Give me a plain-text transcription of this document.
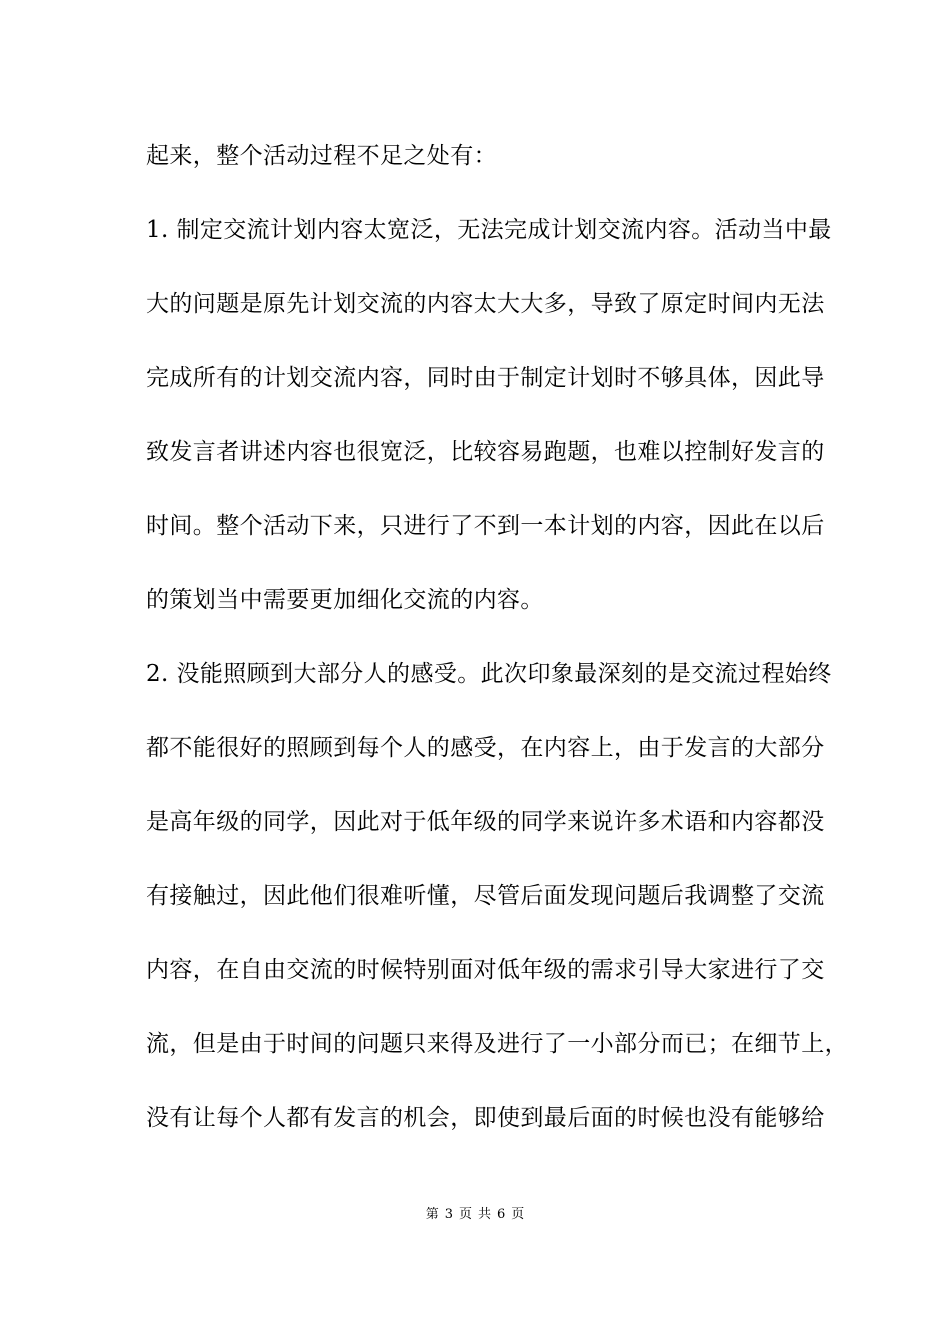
起来，整个活动过程不足之处有：
1. 制定交流计划内容太宽泛，无法完成计划交流内容。活动当中最
大的问题是原先计划交流的内容太大大多，导致了原定时间内无法
完成所有的计划交流内容，同时由于制定计划时不够具体，因此导
致发言者讲述内容也很宽泛，比较容易跑题，也难以控制好发言的
时间。整个活动下来，只进行了不到一本计划的内容，因此在以后
的策划当中需要更加细化交流的内容。
2. 没能照顾到大部分人的感受。此次印象最深刻的是交流过程始终
都不能很好的照顾到每个人的感受，在内容上，由于发言的大部分
是高年级的同学，因此对于低年级的同学来说许多术语和内容都没
有接触过，因此他们很难听懂，尽管后面发现问题后我调整了交流
内容，在自由交流的时候特别面对低年级的需求引导大家进行了交
流，但是由于时间的问题只来得及进行了一小部分而已；在细节上，
没有让每个人都有发言的机会，即使到最后面的时候也没有能够给
第 3 页 共 6 页
